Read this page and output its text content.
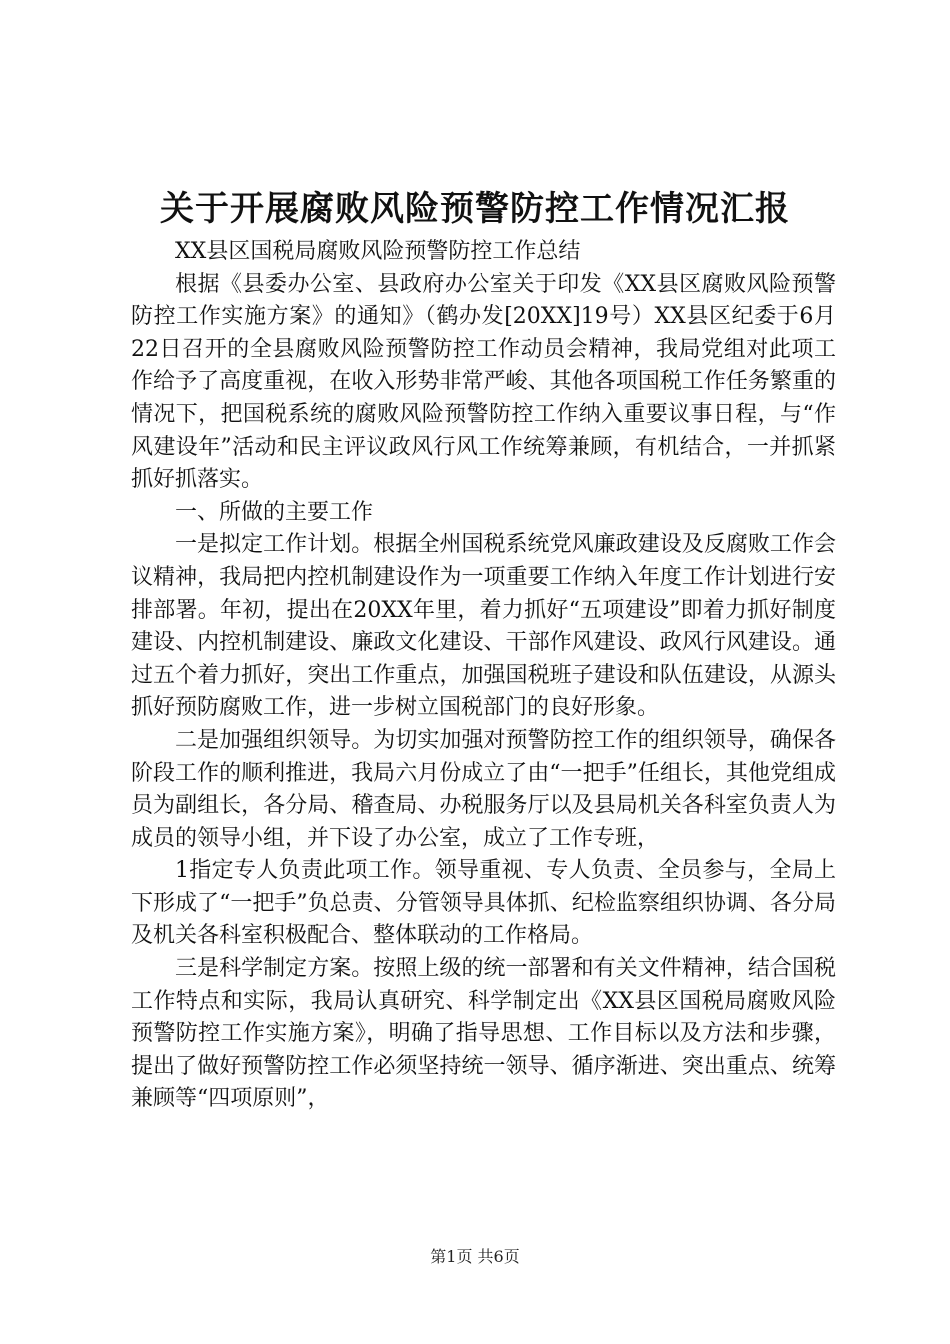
关于开展腐败风险预警防控工作情况汇报

XX县区国税局腐败风险预警防控工作总结

根据《县委办公室、县政府办公室关于印发《XX县区腐败风险预警防控工作实施方案》的通知》（鹤办发[20XX]19号）XX县区纪委于6月22日召开的全县腐败风险预警防控工作动员会精神，我局党组对此项工作给予了高度重视，在收入形势非常严峻、其他各项国税工作任务繁重的情况下，把国税系统的腐败风险预警防控工作纳入重要议事日程，与“作风建设年”活动和民主评议政风行风工作统筹兼顾，有机结合，一并抓紧抓好抓落实。

一、所做的主要工作

一是拟定工作计划。根据全州国税系统党风廉政建设及反腐败工作会议精神，我局把内控机制建设作为一项重要工作纳入年度工作计划进行安排部署。年初，提出在20XX年里，着力抓好“五项建设”即着力抓好制度建设、内控机制建设、廉政文化建设、干部作风建设、政风行风建设。通过五个着力抓好，突出工作重点，加强国税班子建设和队伍建设，从源头抓好预防腐败工作，进一步树立国税部门的良好形象。

二是加强组织领导。为切实加强对预警防控工作的组织领导，确保各阶段工作的顺利推进，我局六月份成立了由“一把手”任组长，其他党组成员为副组长，各分局、稽查局、办税服务厅以及县局机关各科室负责人为成员的领导小组，并下设了办公室，成立了工作专班，

1指定专人负责此项工作。领导重视、专人负责、全员参与，全局上下形成了“一把手”负总责、分管领导具体抓、纪检监察组织协调、各分局及机关各科室积极配合、整体联动的工作格局。

三是科学制定方案。按照上级的统一部署和有关文件精神，结合国税工作特点和实际，我局认真研究、科学制定出《XX县区国税局腐败风险预警防控工作实施方案》，明确了指导思想、工作目标以及方法和步骤，提出了做好预警防控工作必须坚持统一领导、循序渐进、突出重点、统筹兼顾等“四项原则”，

第1页 共6页
